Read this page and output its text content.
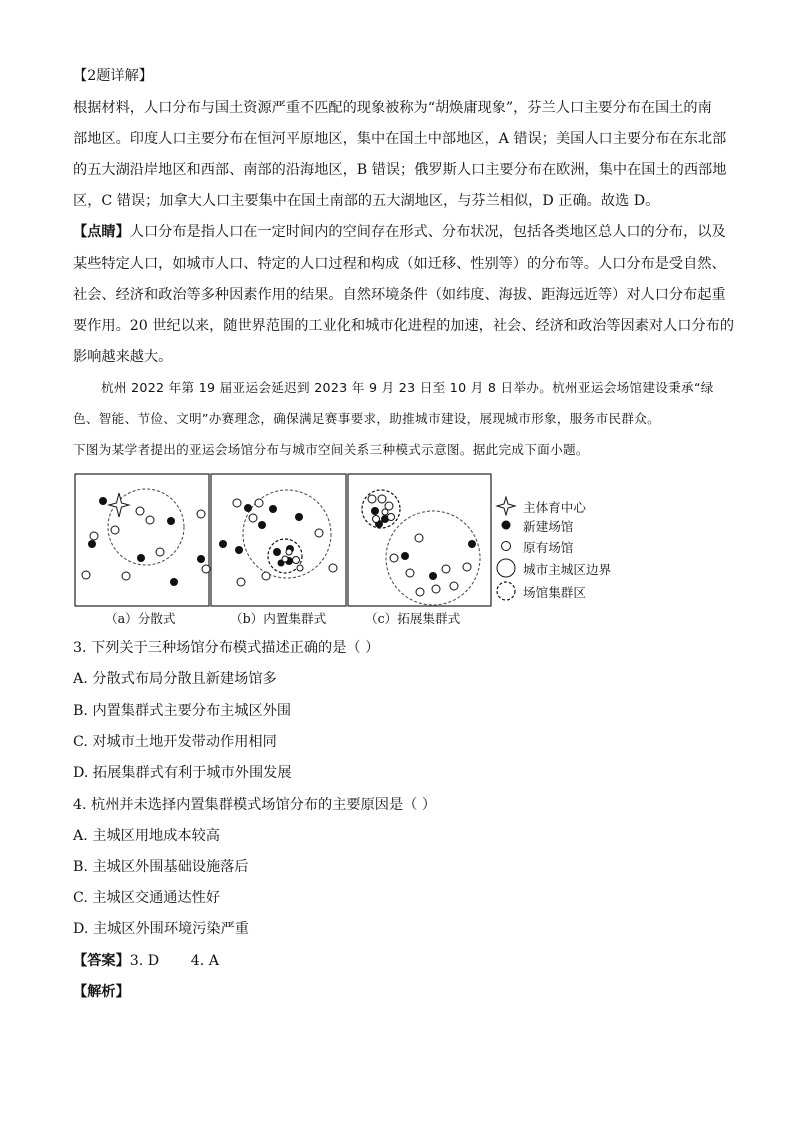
【2题详解】
根据材料，人口分布与国土资源严重不匹配的现象被称为“胡焕庸现象”，芬兰人口主要分布在国土的南
部地区。印度人口主要分布在恒河平原地区，集中在国土中部地区，A 错误；美国人口主要分布在东北部
的五大湖沿岸地区和西部、南部的沿海地区，B 错误；俄罗斯人口主要分布在欧洲，集中在国土的西部地
区，C 错误；加拿大人口主要集中在国土南部的五大湖地区，与芬兰相似，D 正确。故选 D。
【点睛】人口分布是指人口在一定时间内的空间存在形式、分布状况，包括各类地区总人口的分布，以及
某些特定人口，如城市人口、特定的人口过程和构成（如迁移、性别等）的分布等。人口分布是受自然、
社会、经济和政治等多种因素作用的结果。自然环境条件（如纬度、海拔、距海远近等）对人口分布起重
要作用。20 世纪以来，随世界范围的工业化和城市化进程的加速，社会、经济和政治等因素对人口分布的
影响越来越大。
杭州 2022 年第 19 届亚运会延迟到 2023 年 9 月 23 日至 10 月 8 日举办。杭州亚运会场馆建设秉承“绿
色、智能、节俭、文明”办赛理念，确保满足赛事要求，助推城市建设，展现城市形象，服务市民群众。
下图为某学者提出的亚运会场馆分布与城市空间关系三种模式示意图。据此完成下面小题。
主体育中心
新建场馆
原有场馆
城市主城区边界
场馆集群区
（a）分散式	（b）内置集群式	（c）拓展集群式
3. 下列关于三种场馆分布模式描述正确的是（ ）
A. 分散式布局分散且新建场馆多
B. 内置集群式主要分布主城区外围
C. 对城市土地开发带动作用相同
D. 拓展集群式有利于城市外围发展
4. 杭州并未选择内置集群模式场馆分布的主要原因是（ ）
A. 主城区用地成本较高
B. 主城区外围基础设施落后
C. 主城区交通通达性好
D. 主城区外围环境污染严重
【答案】3. D       4. A
【解析】
